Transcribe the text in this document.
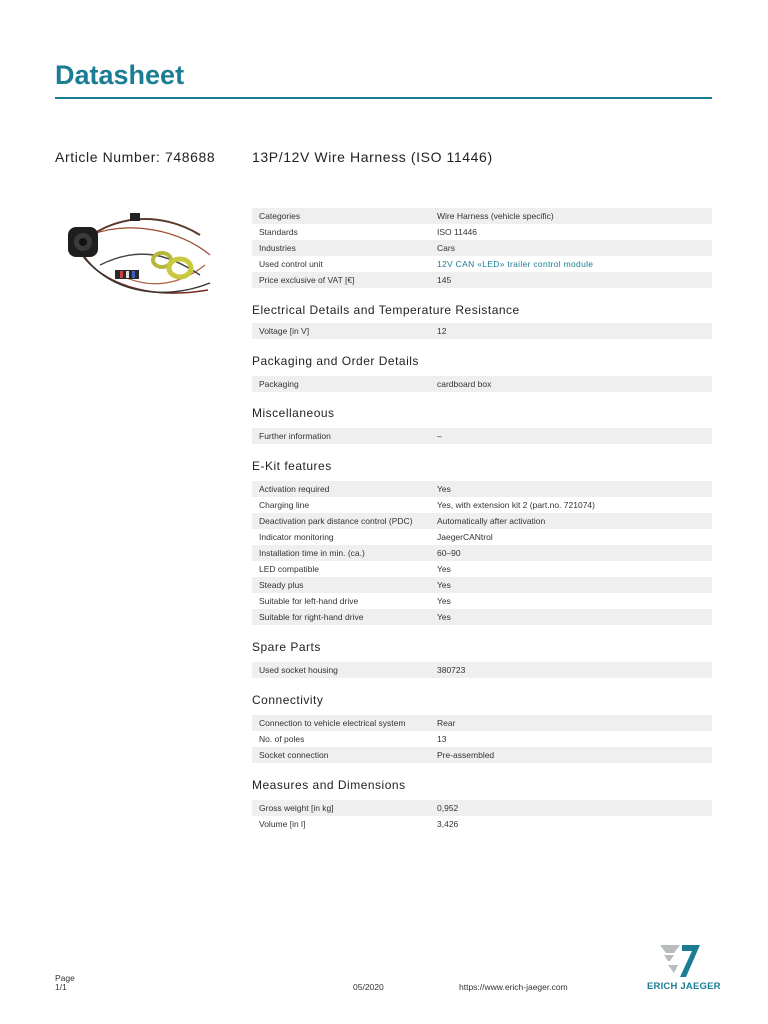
Datasheet
Article Number: 748688	13P/12V Wire Harness (ISO 11446)
Categories	Wire Harness (vehicle specific)
Standards	ISO 11446
Industries	Cars
Used control unit	12V CAN «LED» trailer control module
Price exclusive of VAT [€]	145
Electrical Details and Temperature Resistance
Voltage [in V]	12
Packaging and Order Details
Packaging	cardboard box
Miscellaneous
Further information	–
E-Kit features
Activation required	Yes
Charging line	Yes, with extension kit 2 (part.no. 721074)
Deactivation park distance control (PDC)	Automatically after activation
Indicator monitoring	JaegerCANtrol
Installation time in min. (ca.)	60–90
LED compatible	Yes
Steady plus	Yes
Suitable for left-hand drive	Yes
Suitable for right-hand drive	Yes
Spare Parts
Used socket housing	380723
Connectivity
Connection to vehicle electrical system	Rear
No. of poles	13
Socket connection	Pre-assembled
Measures and Dimensions
Gross weight [in kg]	0,952
Volume [in l]	3,426
Page
1/1	05/2020	https://www.erich-jaeger.com	ERICH JAEGER
